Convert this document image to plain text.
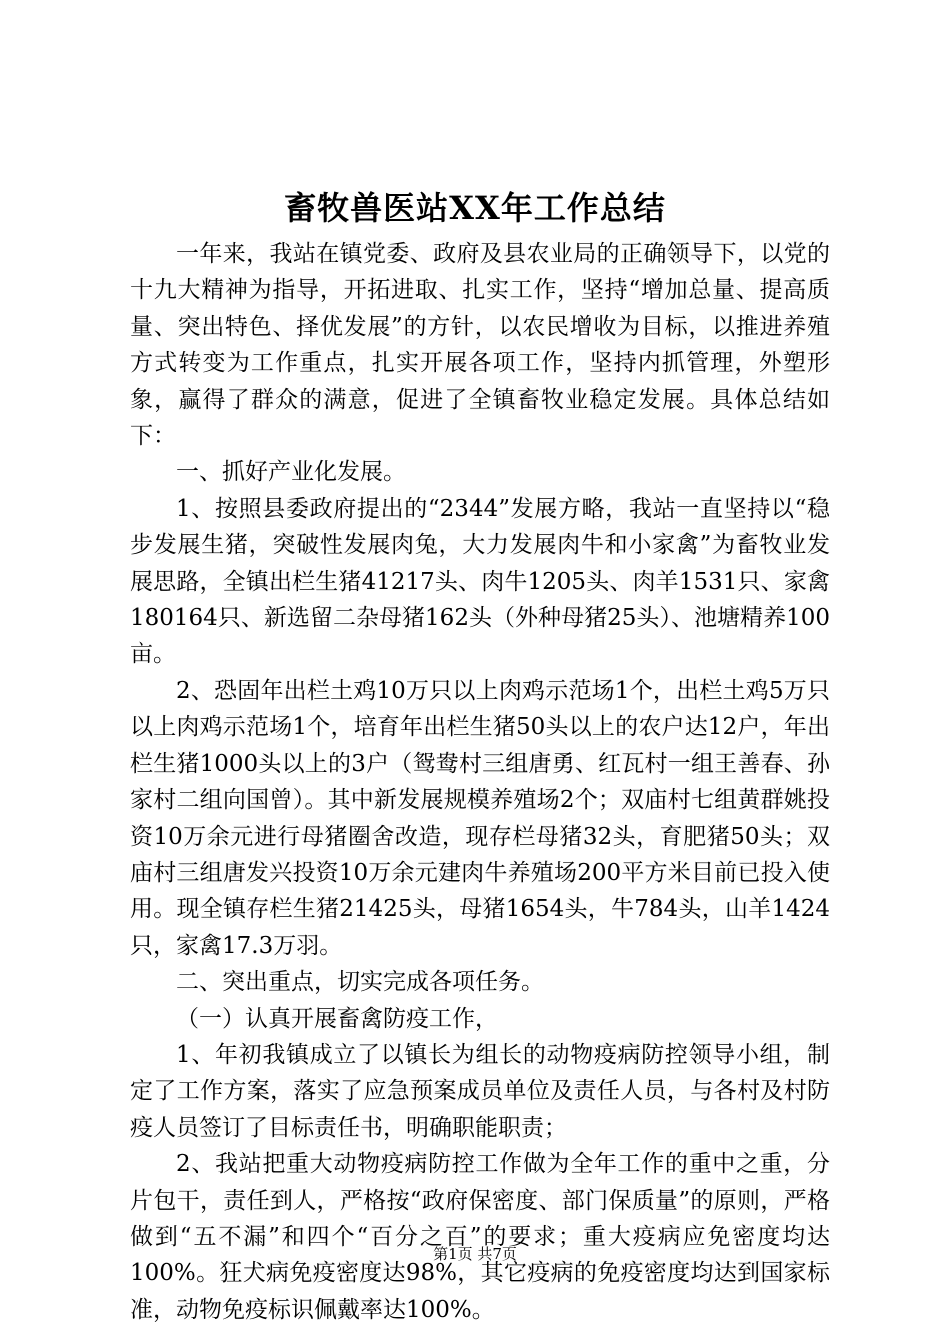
畜牧兽医站XX年工作总结

一年来，我站在镇党委、政府及县农业局的正确领导下，以党的十九大精神为指导，开拓进取、扎实工作，坚持“增加总量、提高质量、突出特色、择优发展”的方针，以农民增收为目标，以推进养殖方式转变为工作重点，扎实开展各项工作，坚持内抓管理，外塑形象，赢得了群众的满意，促进了全镇畜牧业稳定发展。具体总结如下：

一、抓好产业化发展。

1、按照县委政府提出的“2344”发展方略，我站一直坚持以“稳步发展生猪，突破性发展肉兔，大力发展肉牛和小家禽”为畜牧业发展思路，全镇出栏生猪41217头、肉牛1205头、肉羊1531只、家禽180164只、新选留二杂母猪162头（外种母猪25头）、池塘精养100亩。

2、恐固年出栏土鸡10万只以上肉鸡示范场1个，出栏土鸡5万只以上肉鸡示范场1个，培育年出栏生猪50头以上的农户达12户，年出栏生猪1000头以上的3户（鸳鸯村三组唐勇、红瓦村一组王善春、孙家村二组向国曾）。其中新发展规模养殖场2个；双庙村七组黄群姚投资10万余元进行母猪圈舍改造，现存栏母猪32头，育肥猪50头；双庙村三组唐发兴投资10万余元建肉牛养殖场200平方米目前已投入使用。现全镇存栏生猪21425头，母猪1654头，牛784头，山羊1424只，家禽17.3万羽。

二、突出重点，切实完成各项任务。

（一）认真开展畜禽防疫工作，

1、年初我镇成立了以镇长为组长的动物疫病防控领导小组，制定了工作方案，落实了应急预案成员单位及责任人员，与各村及村防疫人员签订了目标责任书，明确职能职责；

2、我站把重大动物疫病防控工作做为全年工作的重中之重，分片包干，责任到人，严格按“政府保密度、部门保质量”的原则，严格做到“五不漏”和四个“百分之百”的要求；重大疫病应免密度均达100%。狂犬病免疫密度达98%，其它疫病的免疫密度均达到国家标准，动物免疫标识佩戴率达100%。

第1页 共7页
